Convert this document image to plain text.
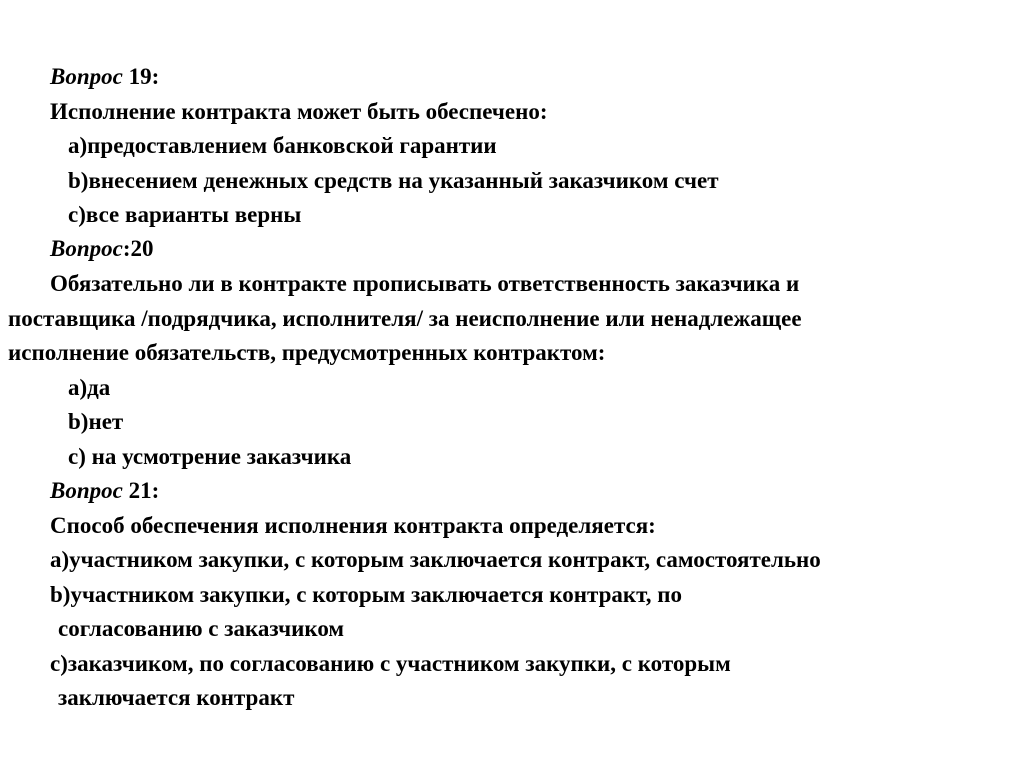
Вопрос 19:
Исполнение контракта может быть обеспечено:
a)предоставлением банковской гарантии
b)внесением денежных средств на указанный заказчиком счет
c)все варианты верны
Вопрос:20
Обязательно ли в контракте прописывать ответственность заказчика и
поставщика /подрядчика, исполнителя/ за неисполнение или ненадлежащее
исполнение обязательств, предусмотренных контрактом:
a)да
b)нет
c) на усмотрение заказчика
Вопрос 21:
Способ обеспечения исполнения контракта определяется:
a)участником закупки, с которым заключается контракт, самостоятельно
b)участником закупки, с которым заключается контракт, по
согласованию с заказчиком
c)заказчиком, по согласованию с участником закупки, с которым
заключается контракт
